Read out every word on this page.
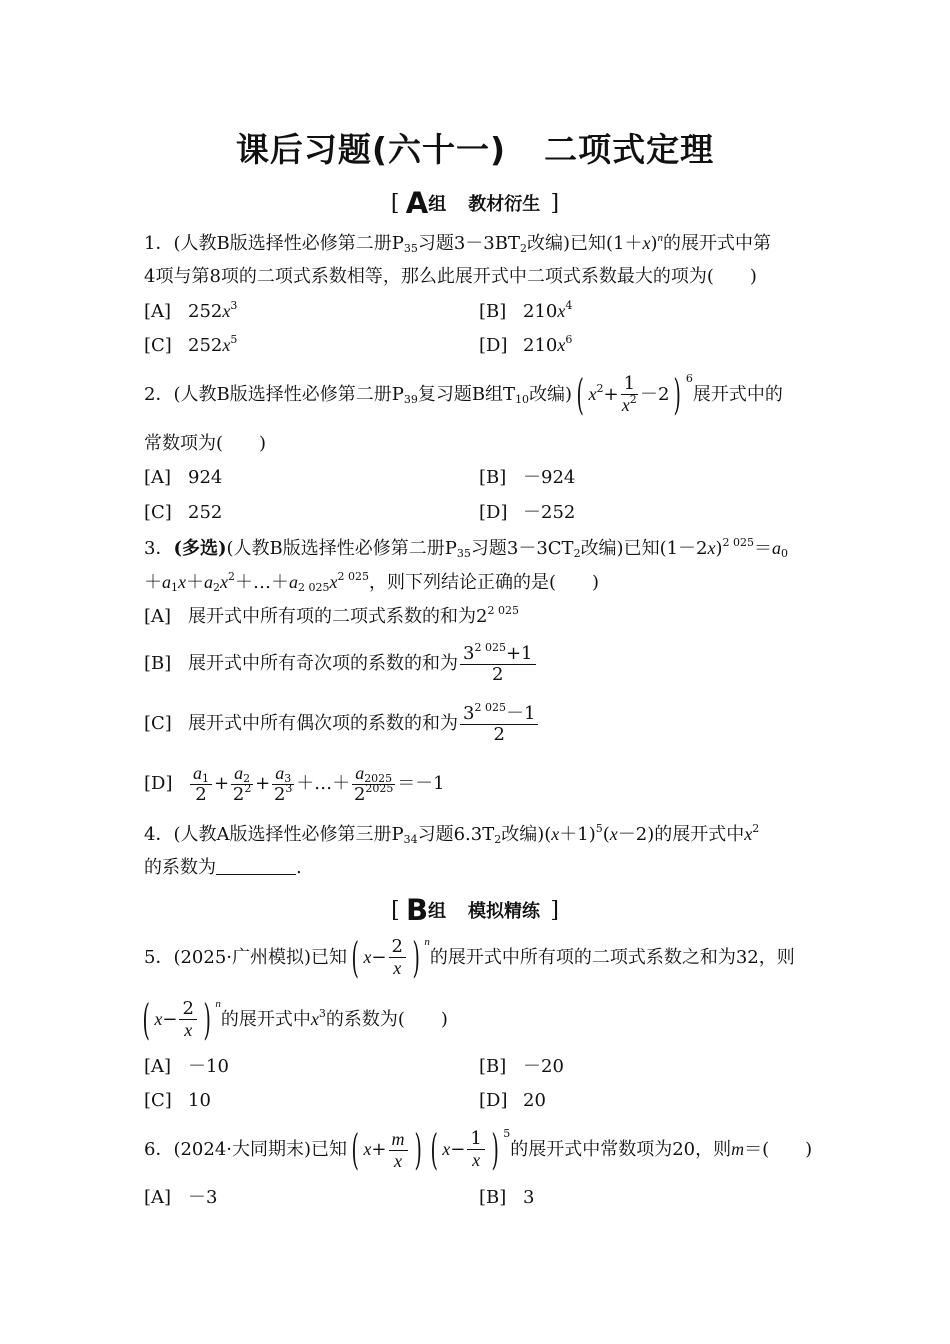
课后习题(六十一) 二项式定理
[ A组 教材衍生 ]
1．(人教B版选择性必修第二册$P_{35}$习题$3-3BT_2$改编)已知$(1+x)^n$的展开式中第
4项与第8项的二项式系数相等，那么此展开式中二项式系数最大的项为(　　)
[A] $252x^3$	[B] $210x^4$
[C] $252x^5$	[D] $210x^6$
2．(人教B版选择性必修第二册$P_{39}$复习题B组$T_{10}$改编) ( $x^2+ \frac{1}{x^2} -2$ ) $^6$展开式中的
常数项为(　　)
[A] 924	[B] －924
[C] 252	[D] －252
3．(多选)(人教B版选择性必修第二册$P_{35}$习题$3-3CT_2$改编)已知$(1-2x)^{2 025}=a_0$
$+a_1x+a_2x^2+\dots+a_{2 025}x^{2 025}$，则下列结论正确的是(　　)
[A] 展开式中所有项的二项式系数的和为$2^{2 025}$
[B] 展开式中所有奇次项的系数的和为 $\frac{3^{2 025}+1}{2}$
[C] 展开式中所有偶次项的系数的和为 $\frac{3^{2 025}-1}{2}$
$[D] \frac{a_1}{2} + \frac{a_2}{2^2} + \frac{a_3}{2^3}$ ＋…＋ $\frac{a_{2025}}{2^{2025}} =-1$
4．(人教A版选择性必修第三册$P_{34}$习题$6.3T_2$改编)$(x+1)^5(x-2)$的展开式中$x^2$
的系数为	.
[ B组 模拟精练 ]
5．(2025·广州模拟)已知 ( $x- \frac{2}{x}$ ) $^n$的展开式中所有项的二项式系数之和为32，则
( $x- \frac{2}{x}$ ) $^n$的展开式中$x^3$的系数为(　　)
[A] －10	[B] －20
[C] 10	[D] 20
6．(2024·大同期末)已知 ( $x+ \frac{m}{x}$ ) ( $x- \frac{1}{x}$ ) $^5$的展开式中常数项为20，则m＝(　　)
[A] －3	[B] 3
